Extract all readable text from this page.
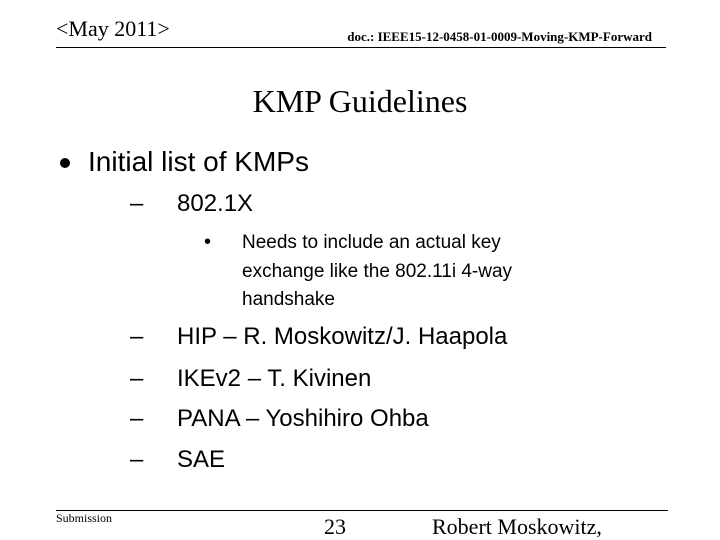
<May 2011>	doc.: IEEE15-12-0458-01-0009-Moving-KMP-Forward
KMP Guidelines
Initial list of KMPs
– 802.1X
• Needs to include an actual key
exchange like the 802.11i 4-way
handshake
– HIP – R. Moskowitz/J. Haapola
– IKEv2 – T. Kivinen
– PANA – Yoshihiro Ohba
– SAE
Submission	23	Robert Moskowitz,
